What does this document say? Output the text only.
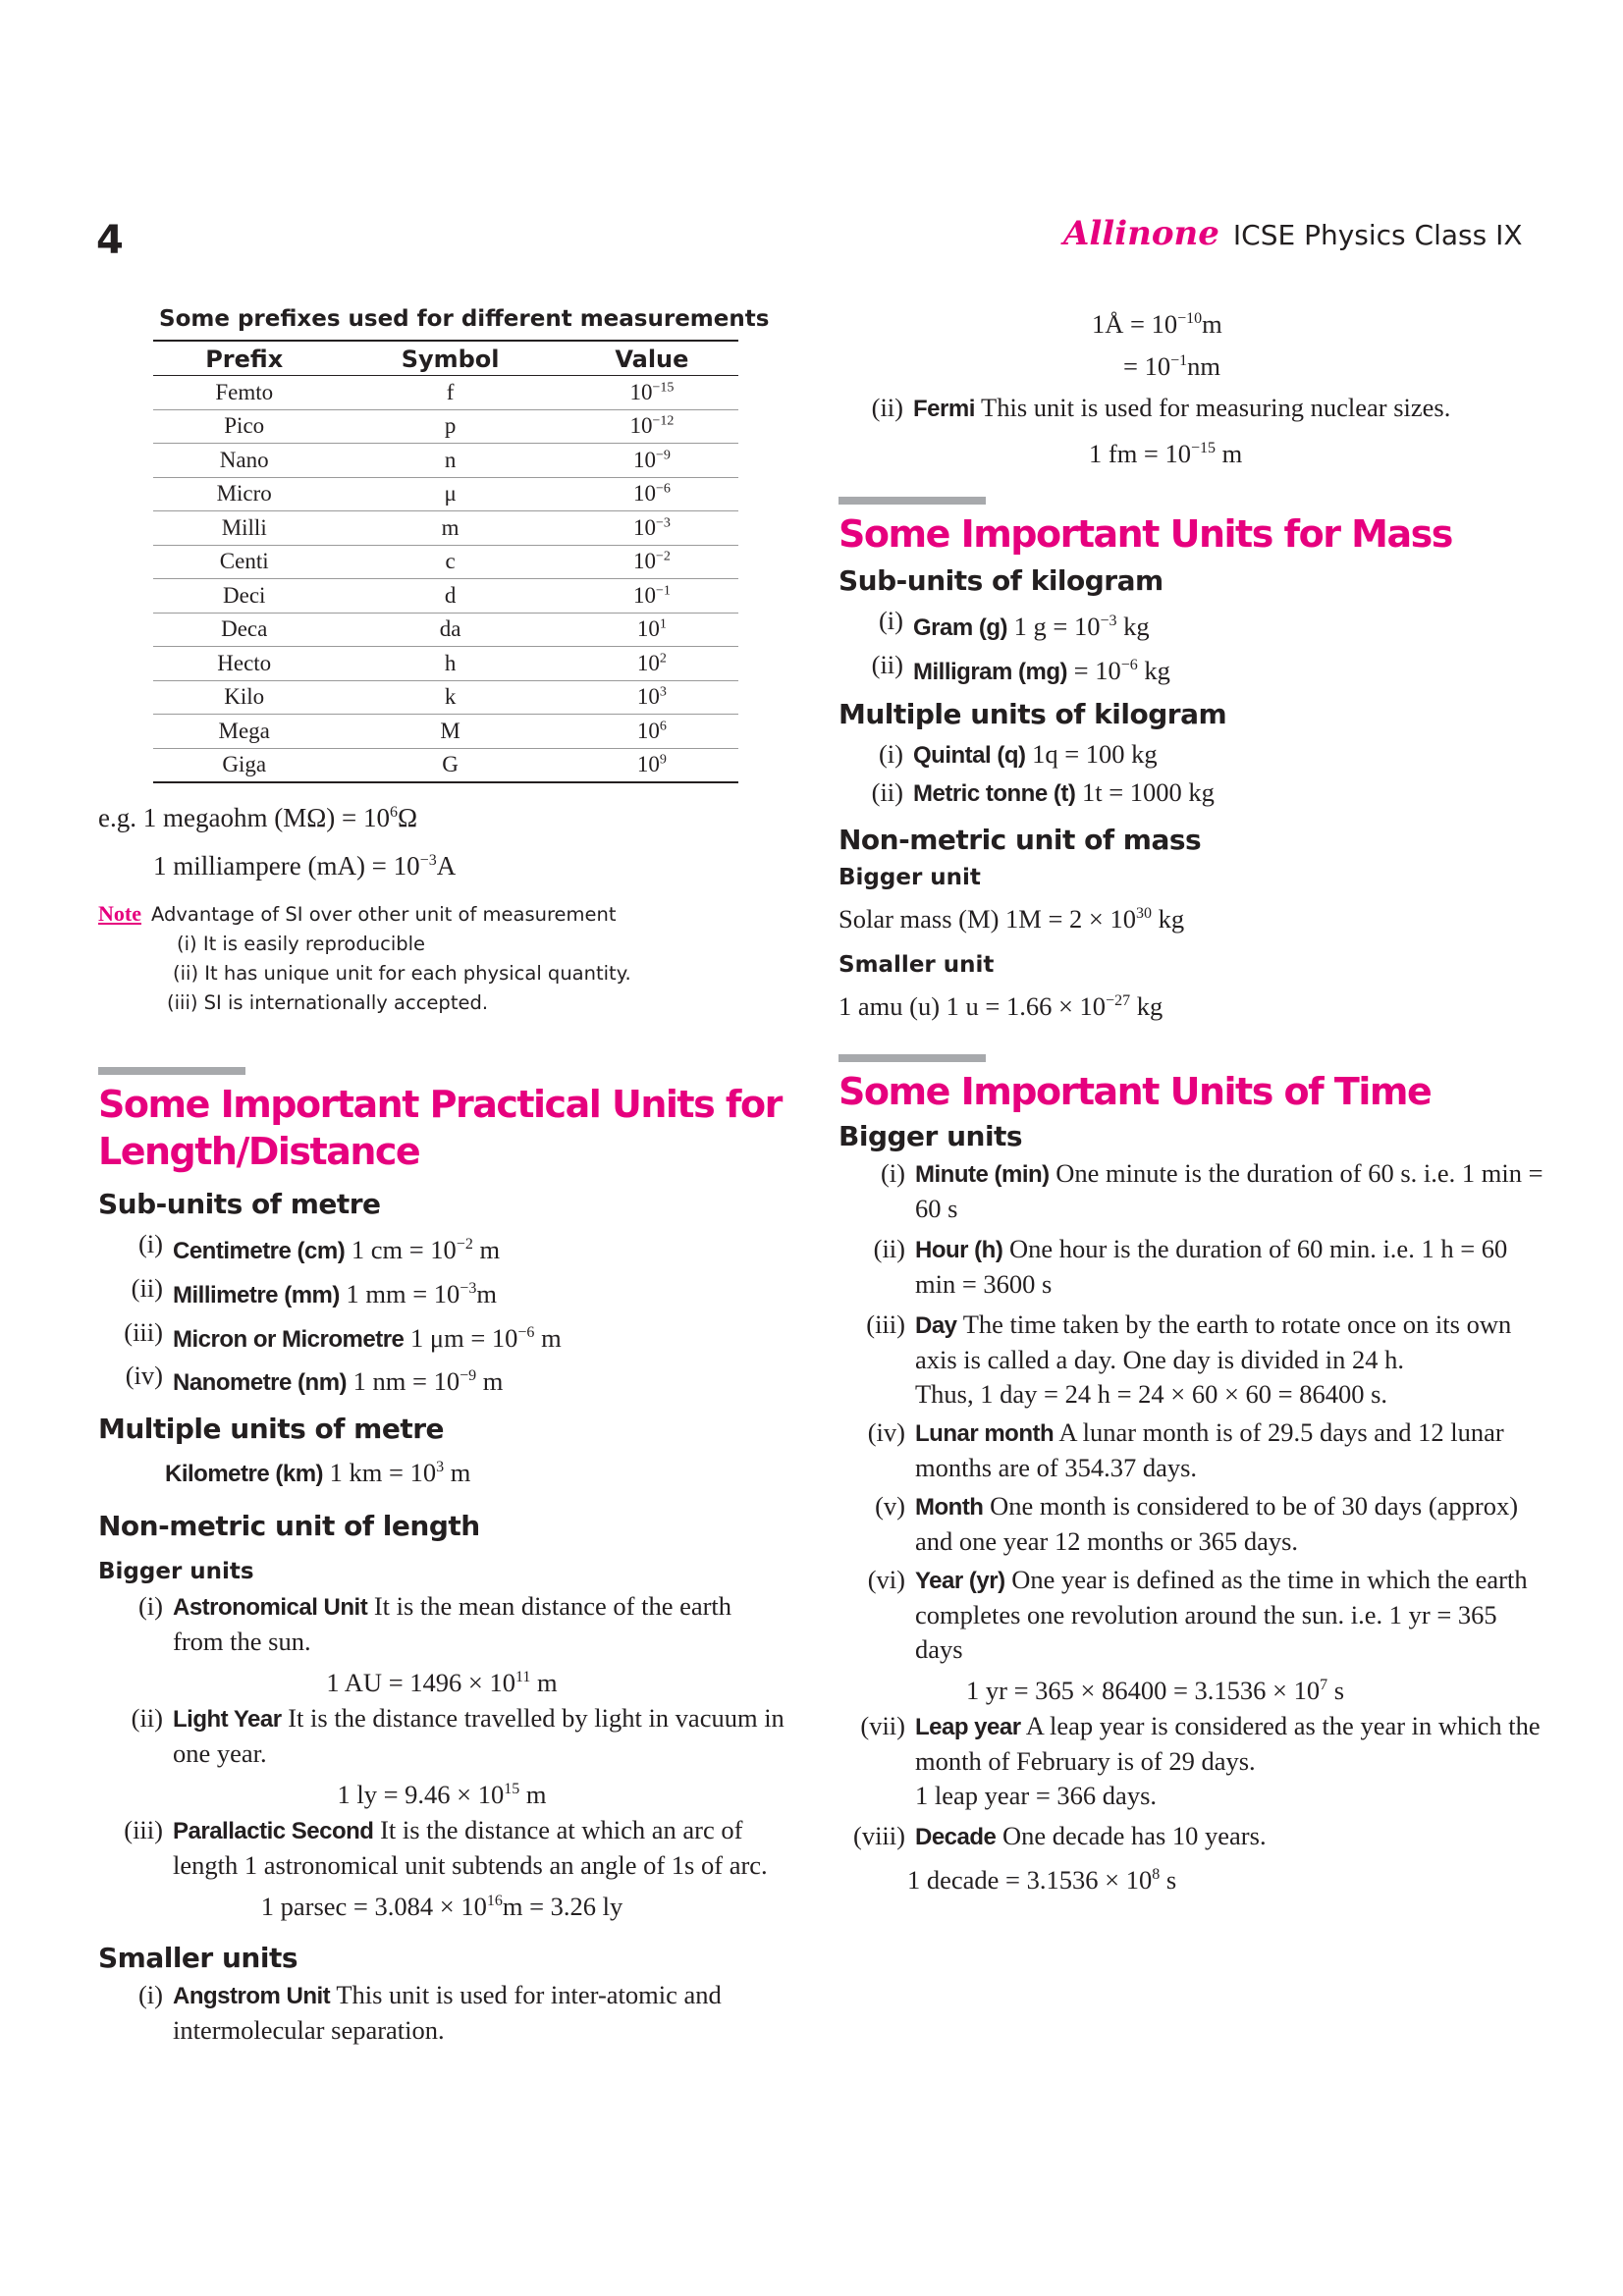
4	Allinone ICSE Physics Class IX
Some prefixes used for different measurements
Prefix	Symbol	Value
Femto	f	$10^{-15}$
Pico	p	$10^{-12}$
Nano	n	$10^{-9}$
Micro	μ	$10^{-6}$
Milli	m	$10^{-3}$
Centi	c	$10^{-2}$
Deci	d	$10^{-1}$
Deca	da	$10^1$
Hecto	h	$10^2$
Kilo	k	$10^3$
Mega	M	$10^6$
Giga	G	$10^9$
e.g. 1 megaohm $(M\Omega) = 10^6\Omega$
1 milliampere $(mA) = 10^{-3}A$
Note Advantage of SI over other unit of measurement
(i) It is easily reproducible
(ii) It has unique unit for each physical quantity.
(iii) SI is internationally accepted.
Some Important Practical Units for Length/Distance
Sub-units of metre
(i) Centimetre (cm) 1 cm = $10^{-2}$ m
(ii) Millimetre (mm) 1 mm = $10^{-3}m$
(iii) Micron or Micrometre 1 $\mu m = 10^{-6}$ m
(iv) Nanometre (nm) 1 nm = $10^{-9}$ m
Multiple units of metre
Kilometre (km) 1 km = $10^3$ m
Non-metric unit of length
Bigger units
(i) Astronomical Unit It is the mean distance of the earth from the sun.
1 AU = $1496 \times 10^{11}$ m
(ii) Light Year It is the distance travelled by light in vacuum in one year.
1 ly = $9.46 \times 10^{15}$ m
(iii) Parallactic Second It is the distance at which an arc of length 1 astronomical unit subtends an angle of 1s of arc.
1 $parsec = 3.084 \times 10^{16}m = 3.26$ ly
Smaller units
(i) Angstrom Unit This unit is used for inter-atomic and intermolecular separation.
1Å = $10^{-10}m$
= $10^{-1}nm$
(ii) Fermi This unit is used for measuring nuclear sizes.
1 fm = $10^{-15}$ m
Some Important Units for Mass
Sub-units of kilogram
(i) Gram (g) 1 $g = 10^{-3}$ kg
(ii) Milligram $(mg) = 10^{-6}$ kg
Multiple units of kilogram
(i) Quintal (q) 1q = 100 kg
(ii) Metric tonne (t) 1t = 1000 kg
Non-metric unit of mass
Bigger unit
Solar mass (M) $1M = 2 \times 10^{30}$ kg
Smaller unit
1 amu (u) 1 $u = 1.66 \times 10^{-27}$ kg
Some Important Units of Time
Bigger units
(i) Minute (min) One minute is the duration of 60 s. i.e. 1 min = 60 s
(ii) Hour (h) One hour is the duration of 60 min. i.e. 1 h = 60 min = 3600 s
(iii) Day The time taken by the earth to rotate once on its own axis is called a day. One day is divided in 24 h.
Thus, 1 day = 24 h = 24 × 60 × 60 = 86400 s.
(iv) Lunar month A lunar month is of 29.5 days and 12 lunar months are of 354.37 days.
(v) Month One month is considered to be of 30 days (approx) and one year 12 months or 365 days.
(vi) Year (yr) One year is defined as the time in which the earth completes one revolution around the sun. i.e. 1 yr = 365 days
1 yr = $365 \times 86400 = 3.1536 \times 10^7$ s
(vii) Leap year A leap year is considered as the year in which the month of February is of 29 days.
1 leap year = 366 days.
(viii) Decade One decade has 10 years.
1 decade = $3.1536 \times 10^8$ s
